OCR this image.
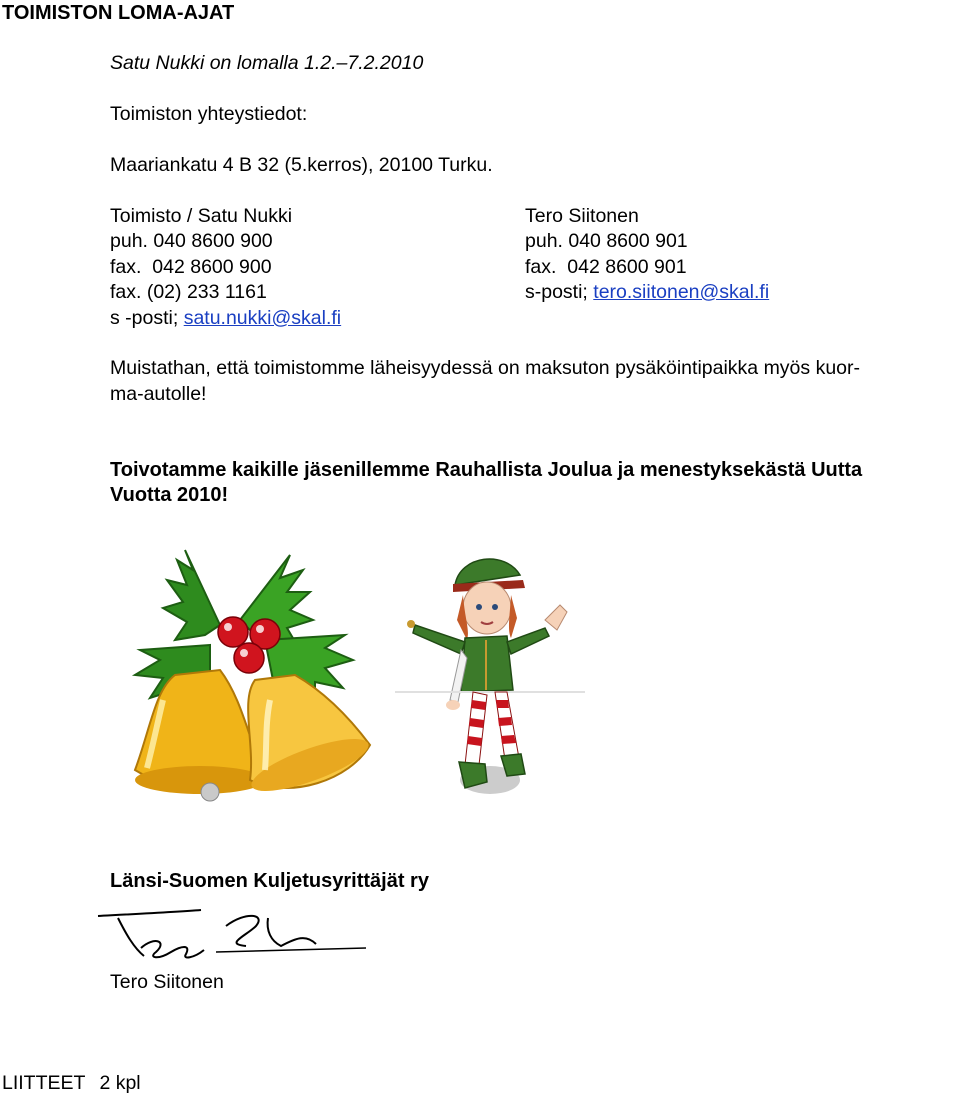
TOIMISTON LOMA-AJAT
Satu Nukki on lomalla 1.2.–7.2.2010
Toimiston yhteystiedot:
Maariankatu 4 B 32 (5.kerros), 20100 Turku.
Toimisto / Satu Nukki
puh. 040 8600 900
fax.  042 8600 900
fax. (02) 233 1161
s -posti; satu.nukki@skal.fi
Tero Siitonen
puh. 040 8600 901
fax.  042 8600 901
s-posti; tero.siitonen@skal.fi
Muistathan, että toimistomme läheisyydessä on maksuton pysäköintipaikka myös kuor-
ma-autolle!
Toivotamme kaikille jäsenillemme Rauhallista Joulua ja menestyksekästä Uutta
Vuotta 2010!
Länsi-Suomen Kuljetusyrittäjät ry
Tero Siitonen
LIITTEET 2 kpl
